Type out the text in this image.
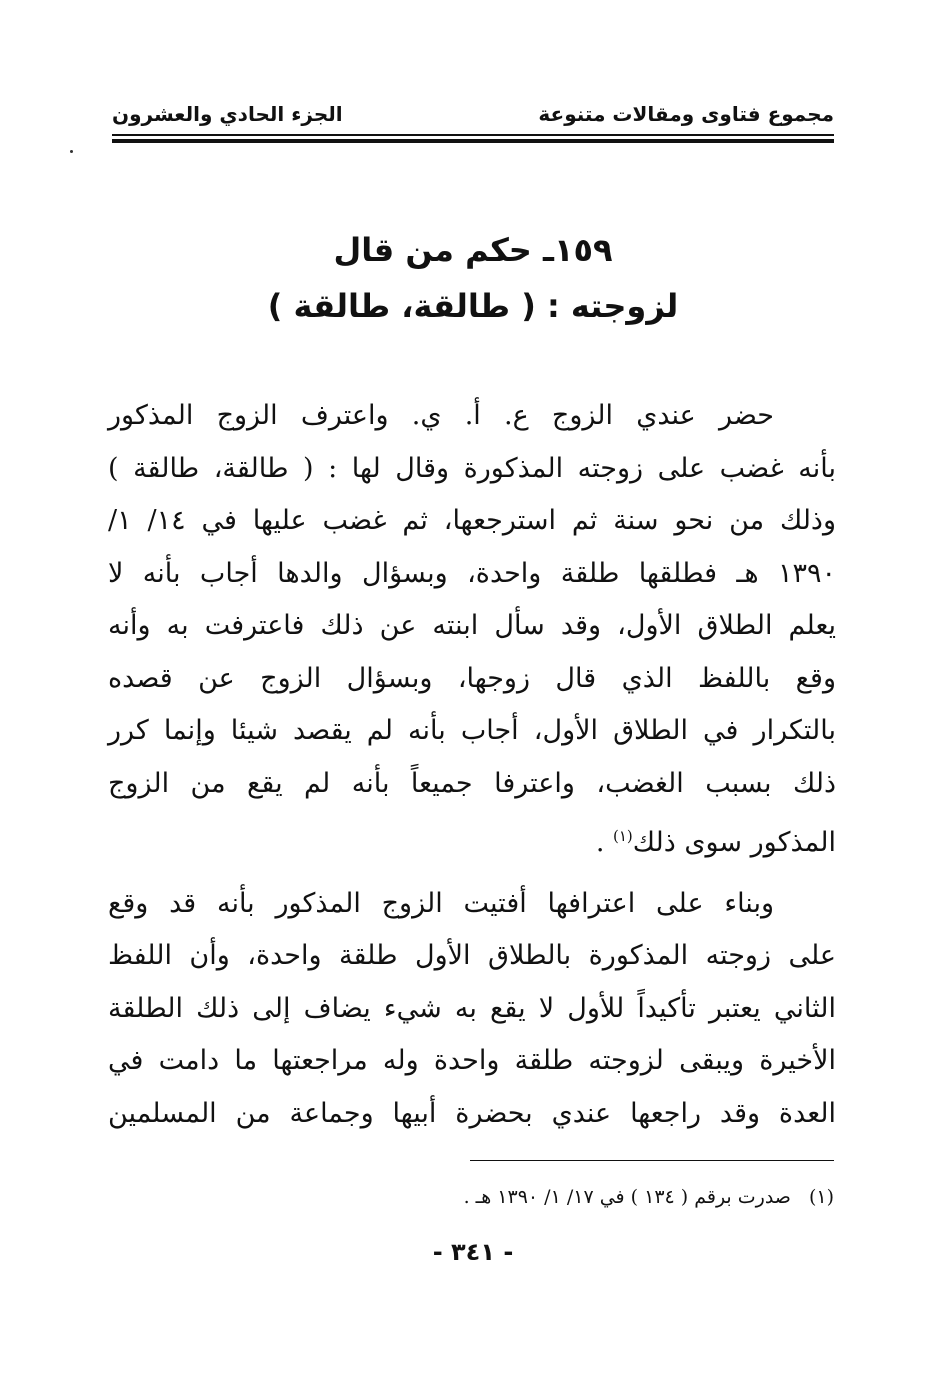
مجموع فتاوى ومقالات متنوعة
الجزء الحادي والعشرون
١٥٩ـ حكم من قال
لزوجته : ( طالقة، طالقة )
حضر عندي الزوج ع. أ. ي. واعترف الزوج المذكور
بأنه غضب على زوجته المذكورة وقال لها : ( طالقة، طالقة )
وذلك من نحو سنة ثم استرجعها، ثم غضب عليها في ١٤/ ١/
١٣٩٠ هـ فطلقها طلقة واحدة، وبسؤال والدها أجاب بأنه لا
يعلم الطلاق الأول، وقد سأل ابنته عن ذلك فاعترفت به وأنه
وقع باللفظ الذي قال زوجها، وبسؤال الزوج عن قصده
بالتكرار في الطلاق الأول، أجاب بأنه لم يقصد شيئا وإنما كرر
ذلك بسبب الغضب، واعترفا جميعاً بأنه لم يقع من الزوج
المذكور سوى ذلك$^{(١)}$ .
وبناء على اعترافها أفتيت الزوج المذكور بأنه قد وقع
على زوجته المذكورة بالطلاق الأول طلقة واحدة، وأن اللفظ
الثاني يعتبر تأكيداً للأول لا يقع به شيء يضاف إلى ذلك الطلقة
الأخيرة ويبقى لزوجته طلقة واحدة وله مراجعتها ما دامت في
العدة وقد راجعها عندي بحضرة أبيها وجماعة من المسلمين
(١)صدرت برقم ( ١٣٤ ) في ١٧/ ١/ ١٣٩٠ هـ .
- ٣٤١ -
